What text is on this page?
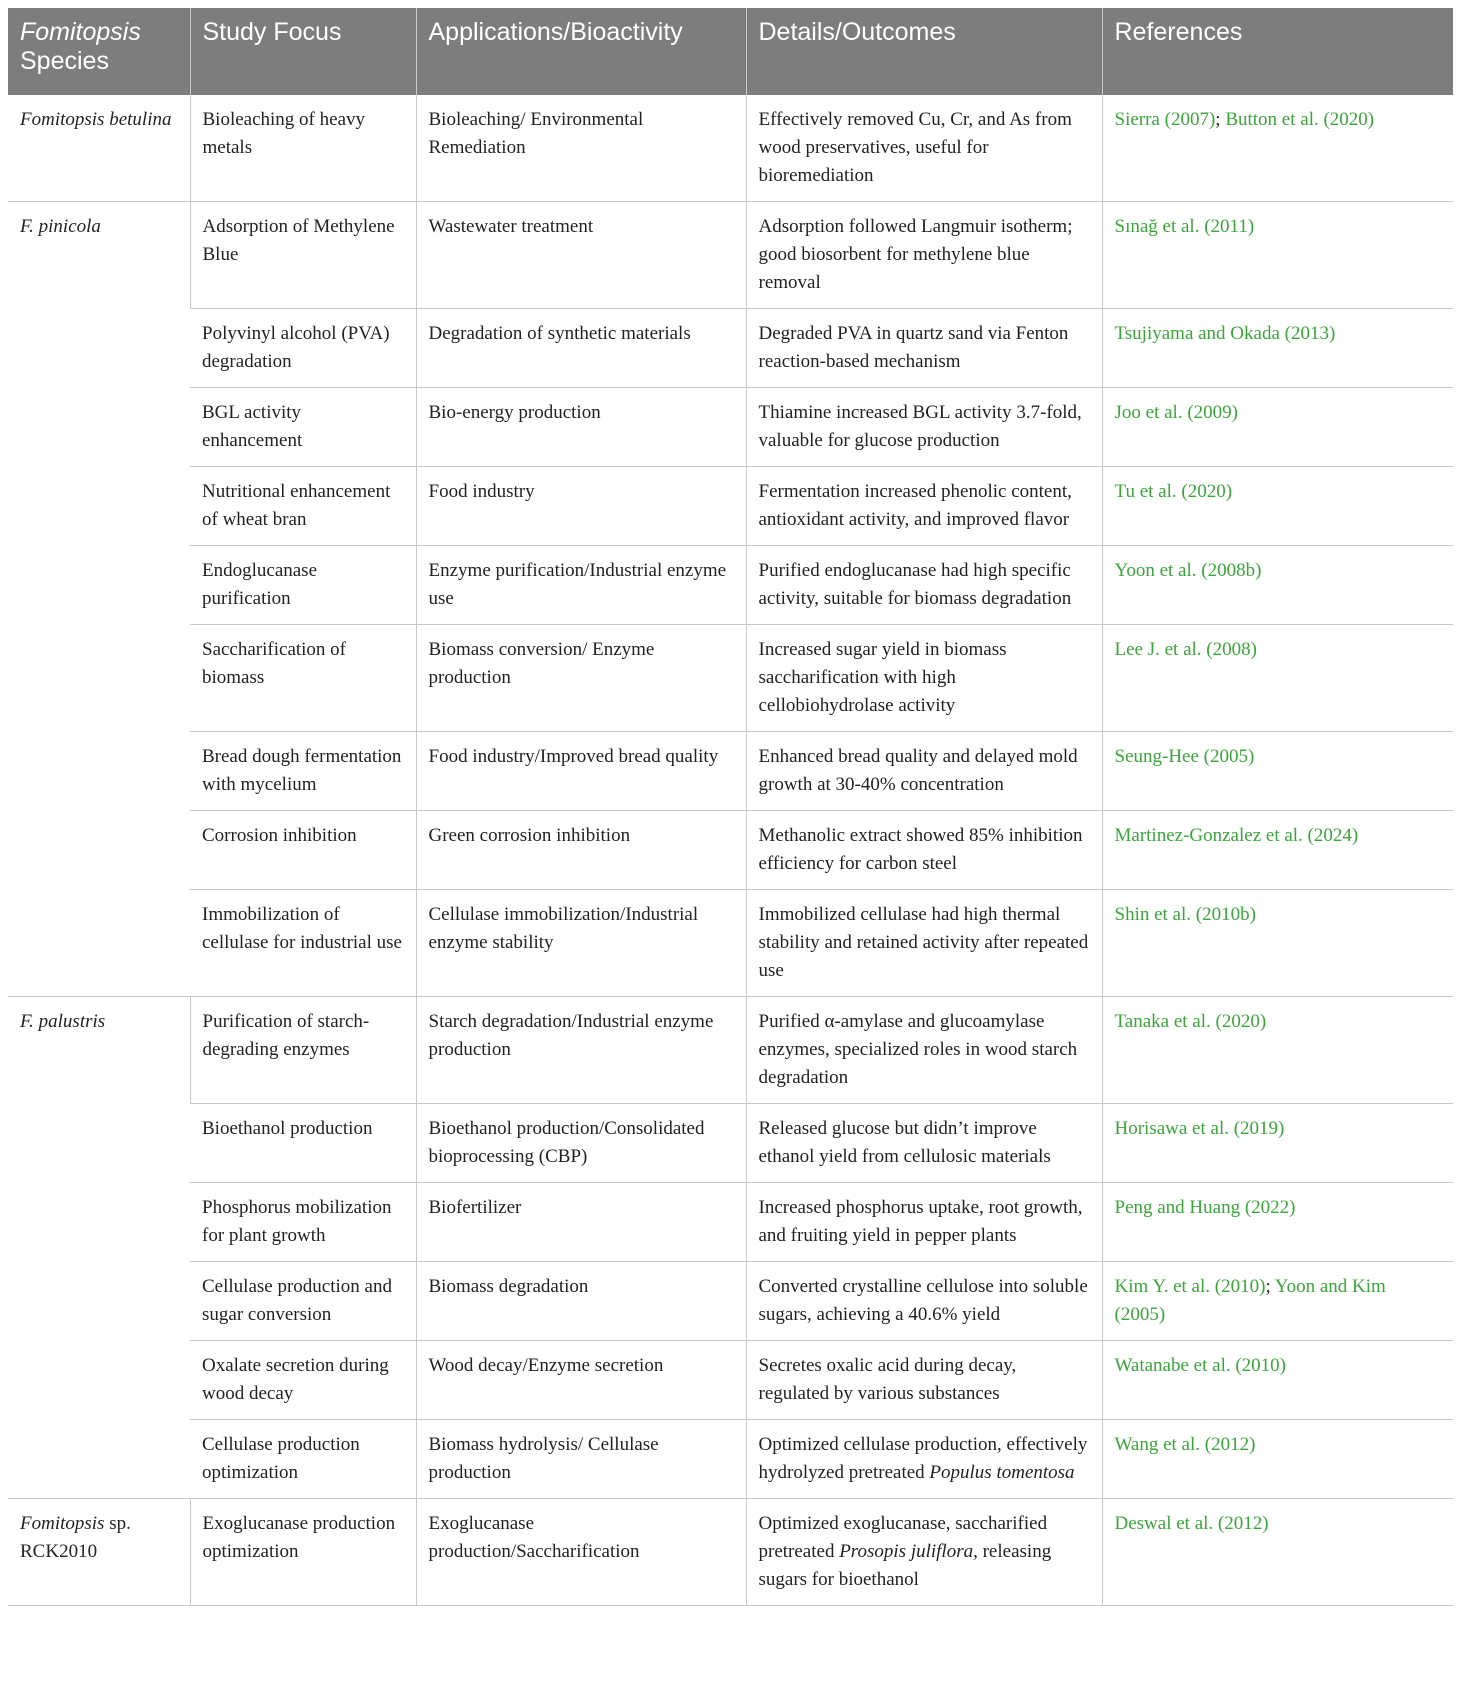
Fomitopsis
Species	Study Focus	Applications/Bioactivity	Details/Outcomes	References
Fomitopsis betulina	Bioleaching of heavy metals	Bioleaching/ Environmental Remediation	Effectively removed Cu, Cr, and As from wood preservatives, useful for bioremediation	Sierra (2007); Button et al. (2020)
F. pinicola	Adsorption of Methylene Blue	Wastewater treatment	Adsorption followed Langmuir isotherm; good biosorbent for methylene blue removal	Sınağ et al. (2011)
	Polyvinyl alcohol (PVA) degradation	Degradation of synthetic materials	Degraded PVA in quartz sand via Fenton reaction-based mechanism	Tsujiyama and Okada (2013)
	BGL activity enhancement	Bio-energy production	Thiamine increased BGL activity 3.7-fold, valuable for glucose production	Joo et al. (2009)
	Nutritional enhancement of wheat bran	Food industry	Fermentation increased phenolic content, antioxidant activity, and improved flavor	Tu et al. (2020)
	Endoglucanase purification	Enzyme purification/Industrial enzyme use	Purified endoglucanase had high specific activity, suitable for biomass degradation	Yoon et al. (2008b)
	Saccharification of biomass	Biomass conversion/ Enzyme production	Increased sugar yield in biomass saccharification with high cellobiohydrolase activity	Lee J. et al. (2008)
	Bread dough fermentation with mycelium	Food industry/Improved bread quality	Enhanced bread quality and delayed mold growth at 30-40% concentration	Seung-Hee (2005)
	Corrosion inhibition	Green corrosion inhibition	Methanolic extract showed 85% inhibition efficiency for carbon steel	Martinez-Gonzalez et al. (2024)
	Immobilization of cellulase for industrial use	Cellulase immobilization/Industrial enzyme stability	Immobilized cellulase had high thermal stability and retained activity after repeated use	Shin et al. (2010b)
F. palustris	Purification of starch-degrading enzymes	Starch degradation/Industrial enzyme production	Purified α-amylase and glucoamylase enzymes, specialized roles in wood starch degradation	Tanaka et al. (2020)
	Bioethanol production	Bioethanol production/Consolidated bioprocessing (CBP)	Released glucose but didn’t improve ethanol yield from cellulosic materials	Horisawa et al. (2019)
	Phosphorus mobilization for plant growth	Biofertilizer	Increased phosphorus uptake, root growth, and fruiting yield in pepper plants	Peng and Huang (2022)
	Cellulase production and sugar conversion	Biomass degradation	Converted crystalline cellulose into soluble sugars, achieving a 40.6% yield	Kim Y. et al. (2010); Yoon and Kim (2005)
	Oxalate secretion during wood decay	Wood decay/Enzyme secretion	Secretes oxalic acid during decay, regulated by various substances	Watanabe et al. (2010)
	Cellulase production optimization	Biomass hydrolysis/ Cellulase production	Optimized cellulase production, effectively hydrolyzed pretreated Populus tomentosa	Wang et al. (2012)
Fomitopsis sp. RCK2010	Exoglucanase production optimization	Exoglucanase production/Saccharification	Optimized exoglucanase, saccharified pretreated Prosopis juliflora, releasing sugars for bioethanol	Deswal et al. (2012)
